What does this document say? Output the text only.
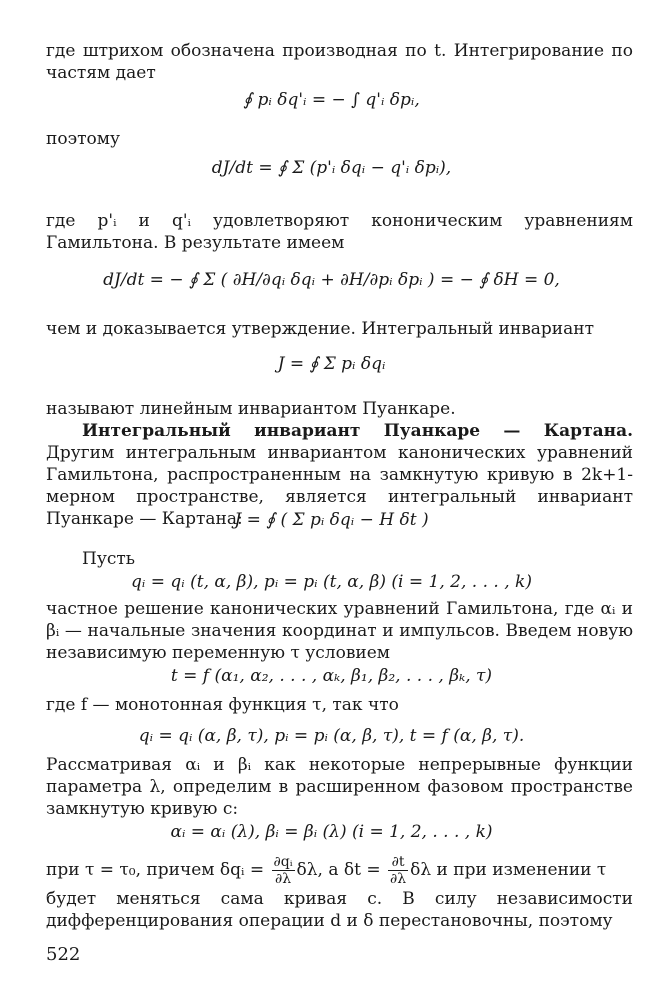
где штрихом обозначена производная по t. Интегрирование по частям дает
∮ pᵢ δq'ᵢ = − ∫ q'ᵢ δpᵢ,
поэтому
dJ/dt = ∮ Σ (p'ᵢ δqᵢ − q'ᵢ δpᵢ),
где p'ᵢ и q'ᵢ удовлетворяют кононическим уравнениям Гамильтона. В результате имеем
dJ/dt = − ∮ Σ ( ∂H/∂qᵢ δqᵢ + ∂H/∂pᵢ δpᵢ ) = − ∮ δH = 0,
чем и доказывается утверждение. Интегральный инвариант
J = ∮ Σ pᵢ δqᵢ
называют линейным инвариантом Пуанкаре.
Интегральный инвариант Пуанкаре — Картана. Другим интегральным инвариантом канонических уравнений Гамильтона, распространенным на замкнутую кривую в 2k+1-мерном пространстве, является интегральный инвариант Пуанкаре — Картана:
J = ∮ ( Σ pᵢ δqᵢ − H δt )
Пусть
qᵢ = qᵢ (t, α, β), pᵢ = pᵢ (t, α, β) (i = 1, 2, . . . , k)
частное решение канонических уравнений Гамильтона, где αᵢ и βᵢ — начальные значения координат и импульсов. Введем новую независимую переменную τ условием
t = f (α₁, α₂, . . . , αₖ, β₁, β₂, . . . , βₖ, τ)
где f — монотонная функция τ, так что
qᵢ = qᵢ (α, β, τ), pᵢ = pᵢ (α, β, τ), t = f (α, β, τ).
Рассматривая αᵢ и βᵢ как некоторые непрерывные функции параметра λ, определим в расширенном фазовом пространстве замкнутую кривую c:
αᵢ = αᵢ (λ), βᵢ = βᵢ (λ) (i = 1, 2, . . . , k)
при τ = τ₀, причем δqᵢ = $\frac{\text{∂qᵢ}}{\partial\lambda} \delta\lambda$, а $\delta t = \frac{\partial t}{\partial\lambda}$ δλ и при изменении τ
будет меняться сама кривая c. В силу независимости дифференцирования операции d и δ перестановочны, поэтому
522
